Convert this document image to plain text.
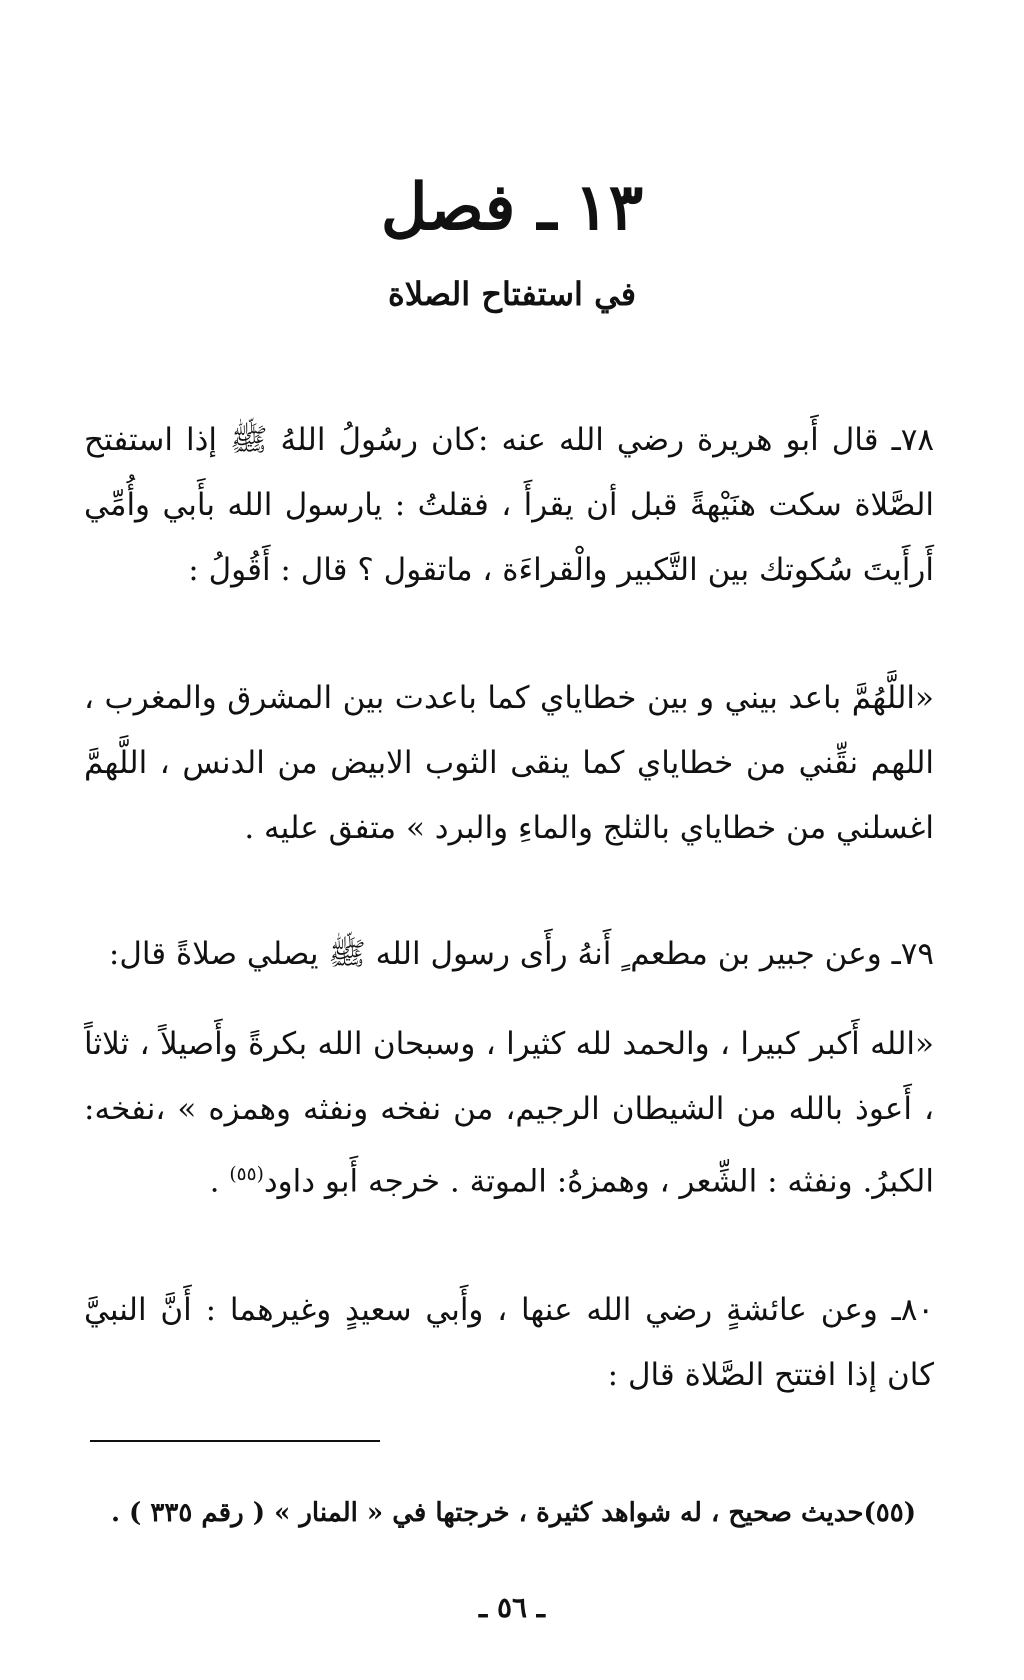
١٣ـ فصل
في استفتاح الصلاة
٧٨ـ قال أَبو هريرة رضي الله عنه :كان رسُولُ اللهُ ﷺ إذا استفتح الصَّلاة سكت هنَيْهةً قبل أن يقرأَ ، فقلتُ : يارسول الله بأَبي وأُمِّي أَرأَيتَ سُكوتك بين التَّكبير والْقراءَة ، ماتقول ؟ قال : أَقُولُ :
«اللَّهُمَّ باعد بيني و بين خطاياي كما باعدت بين المشرق والمغرب ، اللهم نقِّني من خطاياي كما ينقى الثوب الابيض من الدنس ، اللَّهمَّ اغسلني من خطاياي بالثلج والماءِ والبرد » متفق عليه .
٧٩ـ وعن جبير بن مطعم ٍ أَنهُ رأَى رسول الله ﷺ يصلي صلاةً قال:
«الله أَكبر كبيرا ، والحمد لله كثيرا ، وسبحان الله بكرةً وأَصيلاً ، ثلاثاً ، أَعوذ بالله من الشيطان الرجيم، من نفخه ونفثه وهمزه » ،نفخه: الكبرُ. ونفثه : الشِّعر ، وهمزهُ: الموتة . خرجه أَبو داود$^{(٥٥)}$ .
٨٠ـ وعن عائشةٍ رضي الله عنها ، وأَبي سعيدٍ وغيرهما : أَنَّ النبيَّ كان إذا افتتح الصَّلاة قال :
(٥٥)حديث صحيح ، له شواهد كثيرة ، خرجتها في « المنار » ( رقم ٣٣٥ ) .
ـ ٥٦ ـ
